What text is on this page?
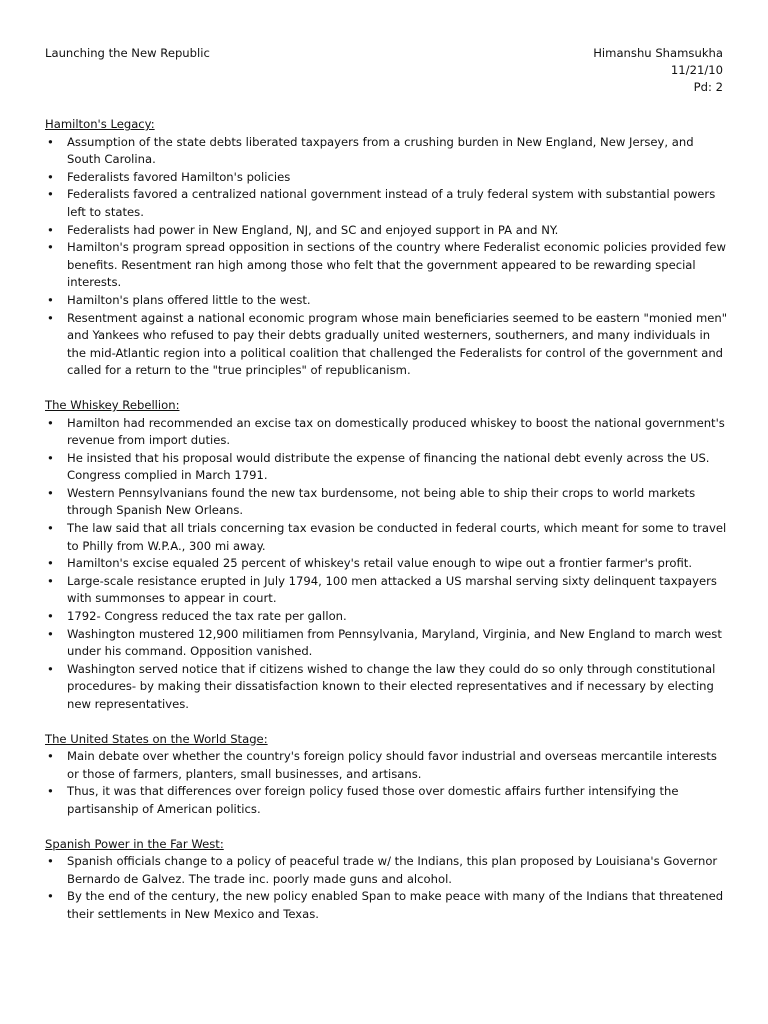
Launching the New Republic	Himanshu Shamsukha
11/21/10
Pd: 2
Hamilton's Legacy:
• Assumption of the state debts liberated taxpayers from a crushing burden in New England, New Jersey, and South Carolina.
• Federalists favored Hamilton's policies
• Federalists favored a centralized national government instead of a truly federal system with substantial powers left to states.
• Federalists had power in New England, NJ, and SC and enjoyed support in PA and NY.
• Hamilton's program spread opposition in sections of the country where Federalist economic policies provided few benefits. Resentment ran high among those who felt that the government appeared to be rewarding special interests.
• Hamilton's plans offered little to the west.
• Resentment against a national economic program whose main beneficiaries seemed to be eastern "monied men" and Yankees who refused to pay their debts gradually united westerners, southerners, and many individuals in the mid-Atlantic region into a political coalition that challenged the Federalists for control of the government and called for a return to the "true principles" of republicanism.
The Whiskey Rebellion:
• Hamilton had recommended an excise tax on domestically produced whiskey to boost the national government's revenue from import duties.
• He insisted that his proposal would distribute the expense of financing the national debt evenly across the US. Congress complied in March 1791.
• Western Pennsylvanians found the new tax burdensome, not being able to ship their crops to world markets through Spanish New Orleans.
• The law said that all trials concerning tax evasion be conducted in federal courts, which meant for some to travel to Philly from W.P.A., 300 mi away.
• Hamilton's excise equaled 25 percent of whiskey's retail value enough to wipe out a frontier farmer's profit.
• Large-scale resistance erupted in July 1794, 100 men attacked a US marshal serving sixty delinquent taxpayers with summonses to appear in court.
• 1792- Congress reduced the tax rate per gallon.
• Washington mustered 12,900 militiamen from Pennsylvania, Maryland, Virginia, and New England to march west under his command. Opposition vanished.
• Washington served notice that if citizens wished to change the law they could do so only through constitutional procedures- by making their dissatisfaction known to their elected representatives and if necessary by electing new representatives.
The United States on the World Stage:
• Main debate over whether the country's foreign policy should favor industrial and overseas mercantile interests or those of farmers, planters, small businesses, and artisans.
• Thus, it was that differences over foreign policy fused those over domestic affairs further intensifying the partisanship of American politics.
Spanish Power in the Far West:
• Spanish officials change to a policy of peaceful trade w/ the Indians, this plan proposed by Louisiana's Governor Bernardo de Galvez. The trade inc. poorly made guns and alcohol.
• By the end of the century, the new policy enabled Span to make peace with many of the Indians that threatened their settlements in New Mexico and Texas.
